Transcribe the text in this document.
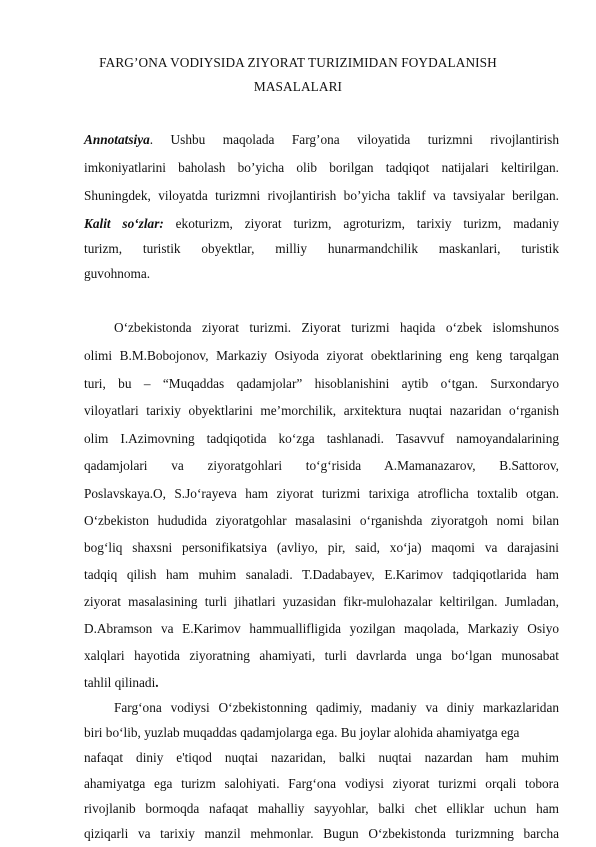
FARG’ONA VODIYSIDA ZIYORAT TURIZIMIDAN FOYDALANISH
MASALALARI
Annotatsiya. Ushbu maqolada Farg’ona viloyatida turizmni rivojlantirish
imkoniyatlarini baholash bo’yicha olib borilgan tadqiqot natijalari keltirilgan.
Shuningdek, viloyatda turizmni rivojlantirish bo’yicha taklif va tavsiyalar berilgan.
Kalit so‘zlar: ekoturizm, ziyorat turizm, agroturizm, tarixiy turizm, madaniy
turizm, turistik obyektlar, milliy hunarmandchilik maskanlari, turistik
guvohnoma.
O‘zbekistonda ziyorat turizmi. Ziyorat turizmi haqida o‘zbek islomshunos
olimi B.M.Bobojonov, Markaziy Osiyoda ziyorat obektlarining eng keng tarqalgan
turi, bu – “Muqaddas qadamjolar” hisoblanishini aytib o‘tgan. Surxondaryo
viloyatlari tarixiy obyektlarini me’morchilik, arxitektura nuqtai nazaridan o‘rganish
olim I.Azimovning tadqiqotida ko‘zga tashlanadi. Tasavvuf namoyandalarining
qadamjolari va ziyoratgohlari to‘g‘risida A.Mamanazarov, B.Sattorov,
Poslavskaya.O, S.Jo‘rayeva ham ziyorat turizmi tarixiga atroflicha toxtalib otgan.
O‘zbekiston hududida ziyoratgohlar masalasini o‘rganishda ziyoratgoh nomi bilan
bog‘liq shaxsni personifikatsiya (avliyo, pir, said, xo‘ja) maqomi va darajasini
tadqiq qilish ham muhim sanaladi. T.Dadabayev, E.Karimov tadqiqotlarida ham
ziyorat masalasining turli jihatlari yuzasidan fikr-mulohazalar keltirilgan. Jumladan,
D.Abramson va E.Karimov hammuallifligida yozilgan maqolada, Markaziy Osiyo
xalqlari hayotida ziyoratning ahamiyati, turli davrlarda unga bo‘lgan munosabat
tahlil qilinadi.
Farg‘ona vodiysi O‘zbekistonning qadimiy, madaniy va diniy markazlaridan
biri bo‘lib, yuzlab muqaddas qadamjolarga ega. Bu joylar alohida ahamiyatga ega
nafaqat diniy e'tiqod nuqtai nazaridan, balki nuqtai nazardan ham muhim
ahamiyatga ega turizm salohiyati. Farg‘ona vodiysi ziyorat turizmi orqali tobora
rivojlanib bormoqda nafaqat mahalliy sayyohlar, balki chet elliklar uchun ham
qiziqarli va tarixiy manzil mehmonlar. Bugun O‘zbekistonda turizmning barcha
